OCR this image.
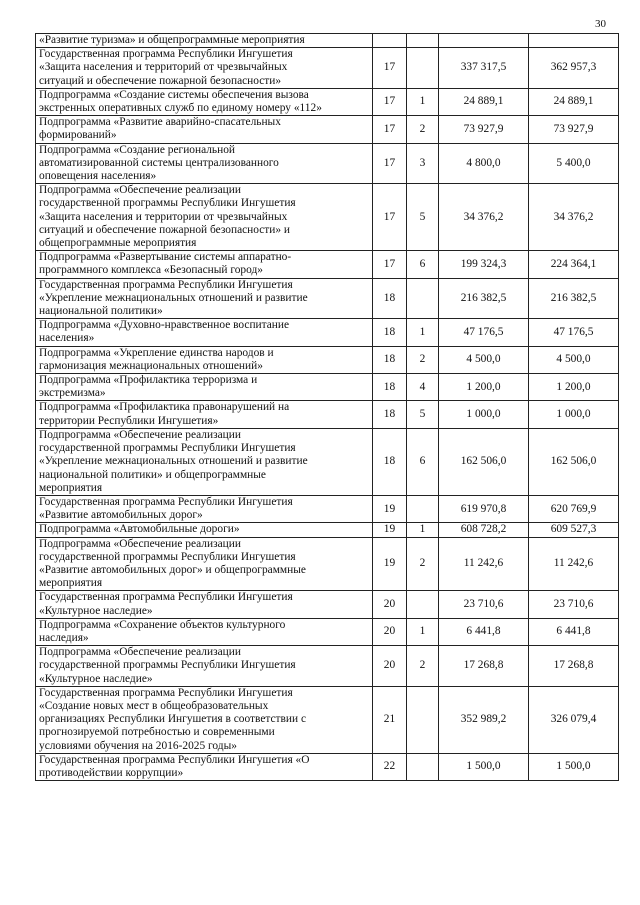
30
«Развитие туризма» и общепрограммные мероприятия				

Государственная программа Республики Ингушетия
«Защита населения и территорий от чрезвычайных
ситуаций и обеспечение пожарной безопасности»	17		337 317,5	362 957,3

Подпрограмма «Создание системы обеспечения вызова
экстренных оперативных служб по единому номеру «112»	17	1	24 889,1	24 889,1

Подпрограмма «Развитие аварийно-спасательных
формирований»	17	2	73 927,9	73 927,9

Подпрограмма «Создание региональной
автоматизированной системы централизованного
оповещения населения»	17	3	4 800,0	5 400,0

Подпрограмма «Обеспечение реализации
государственной программы Республики Ингушетия
«Защита населения и территории от чрезвычайных
ситуаций и обеспечение пожарной безопасности» и
общепрограммные мероприятия	17	5	34 376,2	34 376,2

Подпрограмма «Развертывание системы аппаратно-
программного комплекса «Безопасный город»	17	6	199 324,3	224 364,1

Государственная программа Республики Ингушетия
«Укрепление межнациональных отношений и развитие
национальной политики»	18		216 382,5	216 382,5

Подпрограмма «Духовно-нравственное воспитание
населения»	18	1	47 176,5	47 176,5

Подпрограмма «Укрепление единства народов и
гармонизация межнациональных отношений»	18	2	4 500,0	4 500,0

Подпрограмма «Профилактика терроризма и
экстремизма»	18	4	1 200,0	1 200,0

Подпрограмма «Профилактика правонарушений на
территории Республики Ингушетия»	18	5	1 000,0	1 000,0

Подпрограмма «Обеспечение реализации
государственной программы Республики Ингушетия
«Укрепление межнациональных отношений и развитие
национальной политики» и общепрограммные
мероприятия	18	6	162 506,0	162 506,0

Государственная программа Республики Ингушетия
«Развитие автомобильных дорог»	19		619 970,8	620 769,9

Подпрограмма «Автомобильные дороги»	19	1	608 728,2	609 527,3

Подпрограмма «Обеспечение реализации
государственной программы Республики Ингушетия
«Развитие автомобильных дорог» и общепрограммные
мероприятия	19	2	11 242,6	11 242,6

Государственная программа Республики Ингушетия
«Культурное наследие»	20		23 710,6	23 710,6

Подпрограмма «Сохранение объектов культурного
наследия»	20	1	6 441,8	6 441,8

Подпрограмма «Обеспечение реализации
государственной программы Республики Ингушетия
«Культурное наследие»	20	2	17 268,8	17 268,8

Государственная программа Республики Ингушетия
«Создание новых мест в общеобразовательных
организациях Республики Ингушетия в соответствии с
прогнозируемой потребностью и современными
условиями обучения на 2016-2025 годы»	21		352 989,2	326 079,4

Государственная программа Республики Ингушетия «О
противодействии коррупции»	22		1 500,0	1 500,0
